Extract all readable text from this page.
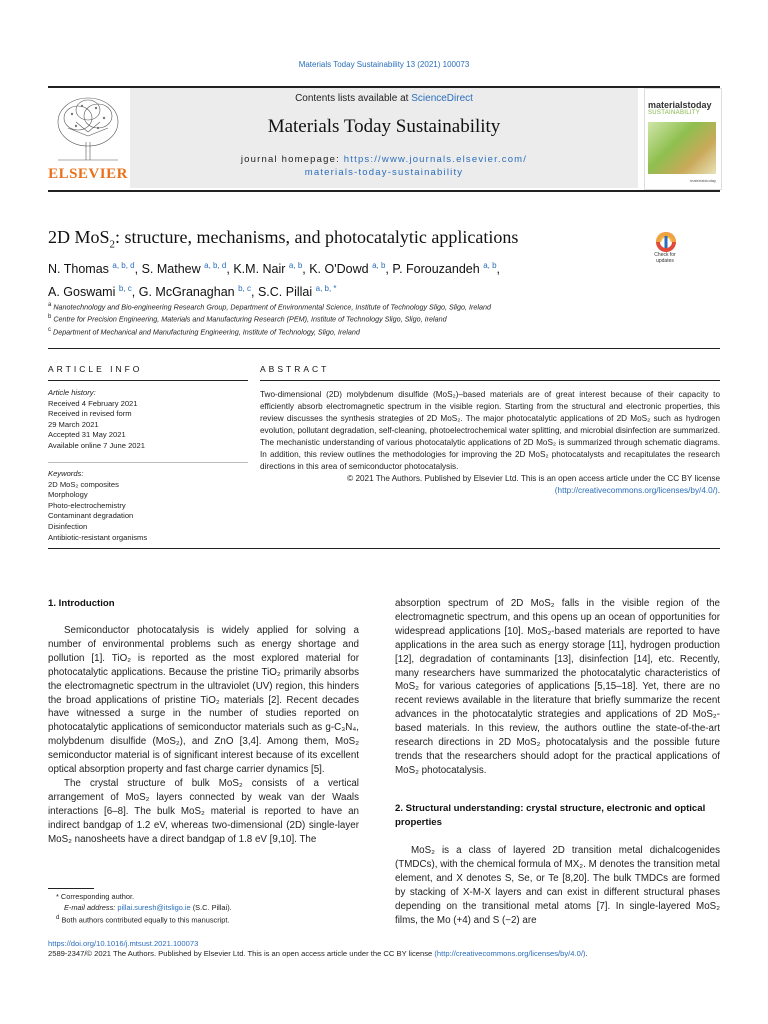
Materials Today Sustainability 13 (2021) 100073
ELSEVIER
Contents lists available at ScienceDirect
Materials Today Sustainability
journal homepage: https://www.journals.elsevier.com/
materials-today-sustainability
materialstoday
SUSTAINABILITY
materialstoday
2D MoS$_2$: structure, mechanisms, and photocatalytic applications
Check for
updates
N. Thomas $^{a, b, d}$, S. Mathew $^{a, b, d}$, K.M. Nair $^{a, b}$, K. O'Dowd $^{a, b}$, P. Forouzandeh $^{a, b}$,
A. Goswami $^{b, c}$, G. McGranaghan $^{b, c}$, S.C. Pillai $^{a, b, *}$
$^a$ Nanotechnology and Bio-engineering Research Group, Department of Environmental Science, Institute of Technology Sligo, Sligo, Ireland
$^b$ Centre for Precision Engineering, Materials and Manufacturing Research (PEM), Institute of Technology Sligo, Sligo, Ireland
$^c$ Department of Mechanical and Manufacturing Engineering, Institute of Technology, Sligo, Ireland
ARTICLE INFO	ABSTRACT
Article history:
Received 4 February 2021
Received in revised form
29 March 2021
Accepted 31 May 2021
Available online 7 June 2021
Keywords:
2D MoS₂ composites
Morphology
Photo-electrochemistry
Contaminant degradation
Disinfection
Antibiotic-resistant organisms
Two-dimensional (2D) molybdenum disulfide (MoS₂)–based materials are of great interest because of their capacity to efficiently absorb electromagnetic spectrum in the visible region. Starting from the structural and electronic properties, this review discusses the synthesis strategies of 2D MoS₂. The major photocatalytic applications of 2D MoS₂ such as hydrogen evolution, pollutant degradation, self-cleaning, photoelectrochemical water splitting, and microbial disinfection are summarized. The mechanistic understanding of various photocatalytic applications of 2D MoS₂ is summarized through schematic diagrams. In addition, this review outlines the methodologies for improving the 2D MoS₂ photocatalysts and recapitulates the research directions in this area of semiconductor photocatalysis.
© 2021 The Authors. Published by Elsevier Ltd. This is an open access article under the CC BY license
(http://creativecommons.org/licenses/by/4.0/).
1. Introduction

Semiconductor photocatalysis is widely applied for solving a number of environmental problems such as energy shortage and pollution [1]. TiO₂ is reported as the most explored material for photocatalytic applications. Because the pristine TiO₂ primarily absorbs the electromagnetic spectrum in the ultraviolet (UV) region, this hinders the broad applications of pristine TiO₂ materials [2]. Recent decades have witnessed a surge in the number of studies reported on photocatalytic applications of semiconductor materials such as g-C₃N₄, molybdenum disulfide (MoS₂), and ZnO [3,4]. Among them, MoS₂ semiconductor material is of significant interest because of its excellent optical absorption property and fast charge carrier dynamics [5].

The crystal structure of bulk MoS₂ consists of a vertical arrangement of MoS₂ layers connected by weak van der Waals interactions [6–8]. The bulk MoS₂ material is reported to have an indirect bandgap of 1.2 eV, whereas two-dimensional (2D) single-layer MoS₂ nanosheets have a direct bandgap of 1.8 eV [9,10]. The

* Corresponding author.
E-mail address: pillai.suresh@itsligo.ie (S.C. Pillai).
$^d$ Both authors contributed equally to this manuscript.

absorption spectrum of 2D MoS₂ falls in the visible region of the electromagnetic spectrum, and this opens up an ocean of opportunities for widespread applications [10]. MoS₂-based materials are reported to have applications in the area such as energy storage [11], hydrogen production [12], degradation of contaminants [13], disinfection [14], etc. Recently, many researchers have summarized the photocatalytic characteristics of MoS₂ for various categories of applications [5,15–18]. Yet, there are no recent reviews available in the literature that briefly summarize the recent advances in the photocatalytic strategies and applications of 2D MoS₂-based materials. In this review, the authors outline the state-of-the-art research directions in 2D MoS₂ photocatalysis and the possible future trends that the researchers should adopt for the practical applications of MoS₂ photocatalysis.

2. Structural understanding: crystal structure, electronic and optical properties

MoS₂ is a class of layered 2D transition metal dichalcogenides (TMDCs), with the chemical formula of MX₂. M denotes the transition metal element, and X denotes S, Se, or Te [8,20]. The bulk TMDCs are formed by stacking of X-M-X layers and can exist in different structural phases depending on the transitional metal atoms [7]. In single-layered MoS₂ films, the Mo (+4) and S (−2) are

https://doi.org/10.1016/j.mtsust.2021.100073
2589-2347/© 2021 The Authors. Published by Elsevier Ltd. This is an open access article under the CC BY license (http://creativecommons.org/licenses/by/4.0/).
